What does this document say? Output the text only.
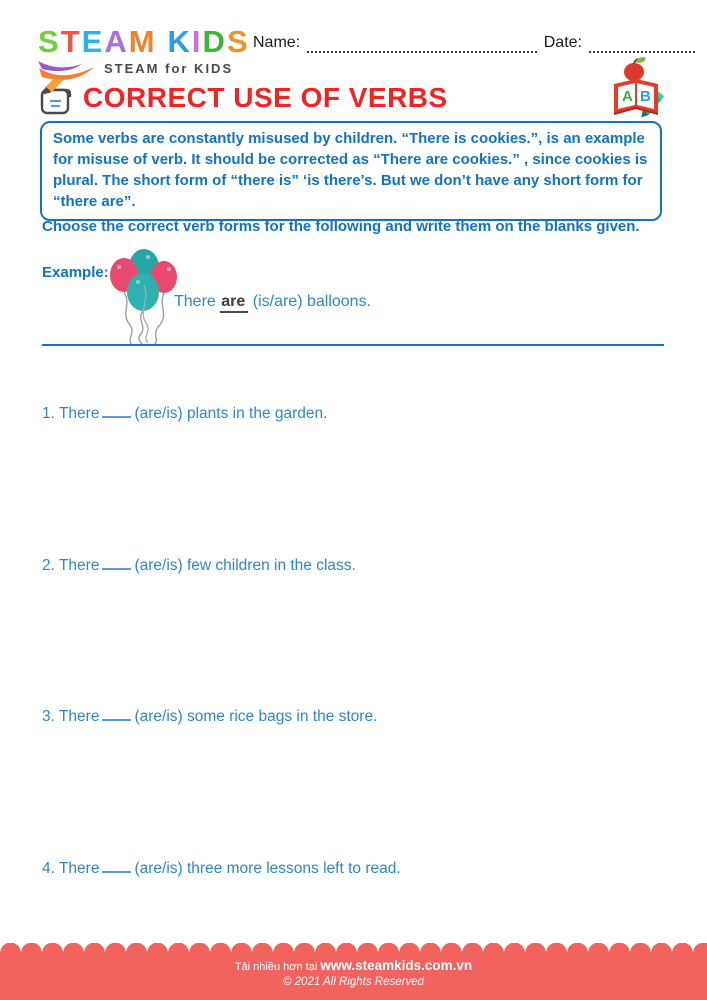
STEAM KIDS
STEAM for KIDS
Name:	Date:
CORRECT USE OF VERBS	A B
Some verbs are constantly misused by children. “There is cookies.”, is an example for misuse of verb. It should be corrected as “There are cookies.” , since cookies is plural. The short form of “there is” ‘is there’s. But we don’t have any short form for “there are”.
Choose the correct verb forms for the following and write them on the blanks given.
Example:
There are (is/are) balloons.
1. There (are/is) plants in the garden.
2. There (are/is) few children in the class.
3. There (are/is) some rice bags in the store.
4. There (are/is) three more lessons left to read.
Tải nhiều hơn tại www.steamkids.com.vn
© 2021 All Rights Reserved
